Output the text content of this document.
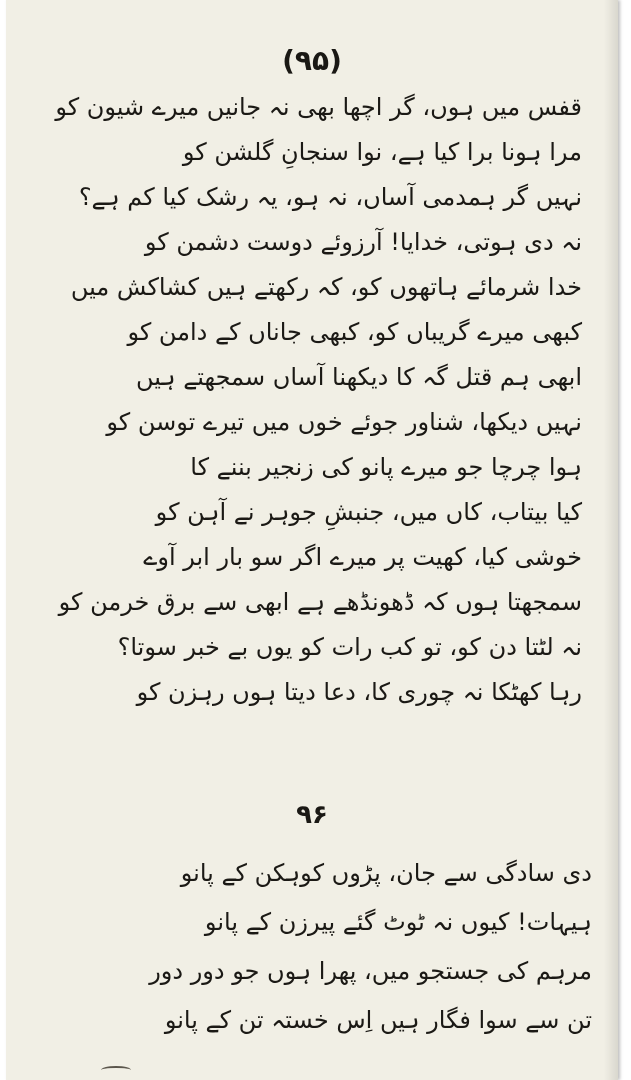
(۹۵)
قفس میں ہوں، گر اچھا بھی نہ جانیں میرے شیون کو
مرا ہونا برا کیا ہے، نوا سنجانِ گلشن کو
نہیں گر ہمدمی آساں، نہ ہو، یہ رشک کیا کم ہے؟
نہ دی ہوتی، خدایا! آرزوئے دوست دشمن کو
خدا شرمائے ہاتھوں کو، کہ رکھتے ہیں کشاکش میں
کبھی میرے گریباں کو، کبھی جاناں کے دامن کو
ابھی ہم قتل گہ کا دیکھنا آساں سمجھتے ہیں
نہیں دیکھا، شناور جوئے خوں میں تیرے توسن کو
ہوا چرچا جو میرے پانو کی زنجیر بننے کا
کیا بیتاب، کاں میں، جنبشِ جوہر نے آہن کو
خوشی کیا، کھیت پر میرے اگر سو بار ابر آوے
سمجھتا ہوں کہ ڈھونڈھے ہے ابھی سے برق خرمن کو
نہ لٹتا دن کو، تو کب رات کو یوں بے خبر سوتا؟
رہا کھٹکا نہ چوری کا، دعا دیتا ہوں رہزن کو
۹۶
دی سادگی سے جان، پڑوں کوہکن کے پانو
ہیہات! کیوں نہ ٹوٹ گئے پیرزن کے پانو
مرہم کی جستجو میں، پھرا ہوں جو دور دور
تن سے سوا فگار ہیں اِس خستہ تن کے پانو
